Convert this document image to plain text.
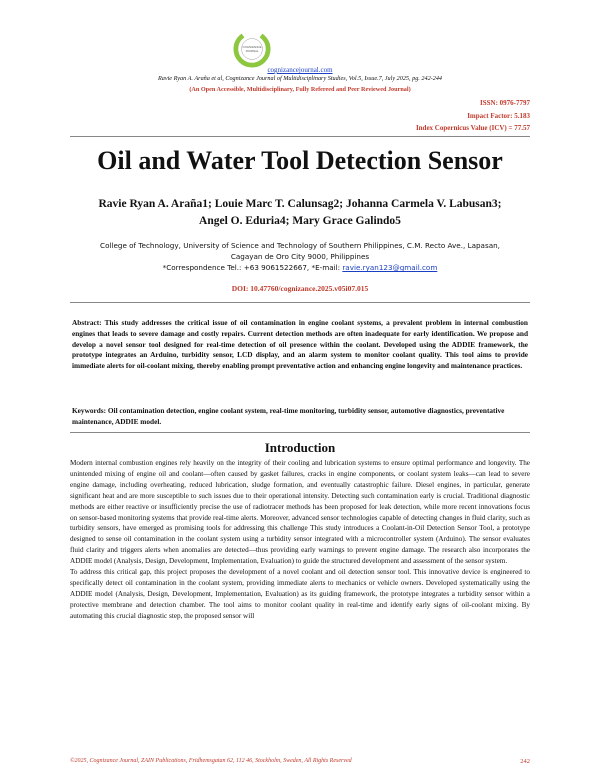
COGNIZANCE
JOURNAL
cognizancejournal.com
Ravie Ryan A. Araña et al, Cognizance Journal of Multidisciplinary Studies, Vol.5, Issue.7, July 2025, pg. 242-244
(An Open Accessible, Multidisciplinary, Fully Refereed and Peer Reviewed Journal)
ISSN: 0976-7797
Impact Factor: 5.183
Index Copernicus Value (ICV) = 77.57
Oil and Water Tool Detection Sensor
Ravie Ryan A. Araña1; Louie Marc T. Calunsag2; Johanna Carmela V. Labusan3;
Angel O. Eduria4; Mary Grace Galindo5
College of Technology, University of Science and Technology of Southern Philippines, C.M. Recto Ave., Lapasan,
Cagayan de Oro City 9000, Philippines
*Correspondence Tel.: +63 9061522667, *E-mail: ravie.ryan123@gmail.com
DOI: 10.47760/cognizance.2025.v05i07.015
Abstract: This study addresses the critical issue of oil contamination in engine coolant systems, a prevalent problem in internal combustion engines that leads to severe damage and costly repairs. Current detection methods are often inadequate for early identification. We propose and develop a novel sensor tool designed for real-time detection of oil presence within the coolant. Developed using the ADDIE framework, the prototype integrates an Arduino, turbidity sensor, LCD display, and an alarm system to monitor coolant quality. This tool aims to provide immediate alerts for oil-coolant mixing, thereby enabling prompt preventative action and enhancing engine longevity and maintenance practices.
Keywords: Oil contamination detection, engine coolant system, real-time monitoring, turbidity sensor, automotive diagnostics, preventative maintenance, ADDIE model.
Introduction

Modern internal combustion engines rely heavily on the integrity of their cooling and lubrication systems to ensure optimal performance and longevity. The unintended mixing of engine oil and coolant—often caused by gasket failures, cracks in engine components, or coolant system leaks—can lead to severe engine damage, including overheating, reduced lubrication, sludge formation, and eventually catastrophic failure. Diesel engines, in particular, generate significant heat and are more susceptible to such issues due to their operational intensity. Detecting such contamination early is crucial. Traditional diagnostic methods are either reactive or insufficiently precise the use of radiotracer methods has been proposed for leak detection, while more recent innovations focus on sensor-based monitoring systems that provide real-time alerts. Moreover, advanced sensor technologies capable of detecting changes in fluid clarity, such as turbidity sensors, have emerged as promising tools for addressing this challenge This study introduces a Coolant-in-Oil Detection Sensor Tool, a prototype designed to sense oil contamination in the coolant system using a turbidity sensor integrated with a microcontroller system (Arduino). The sensor evaluates fluid clarity and triggers alerts when anomalies are detected—thus providing early warnings to prevent engine damage. The research also incorporates the ADDIE model (Analysis, Design, Development, Implementation, Evaluation) to guide the structured development and assessment of the sensor system.

To address this critical gap, this project proposes the development of a novel coolant and oil detection sensor tool. This innovative device is engineered to specifically detect oil contamination in the coolant system, providing immediate alerts to mechanics or vehicle owners. Developed systematically using the ADDIE model (Analysis, Design, Development, Implementation, Evaluation) as its guiding framework, the prototype integrates a turbidity sensor within a protective membrane and detection chamber. The tool aims to monitor coolant quality in real-time and identify early signs of oil-coolant mixing. By automating this crucial diagnostic step, the proposed sensor will

©2025, Cognizance Journal, ZAIN Publications, Fridhemsgatan 62, 112 46, Stockholm, Sweden, All Rights Reserved	242
